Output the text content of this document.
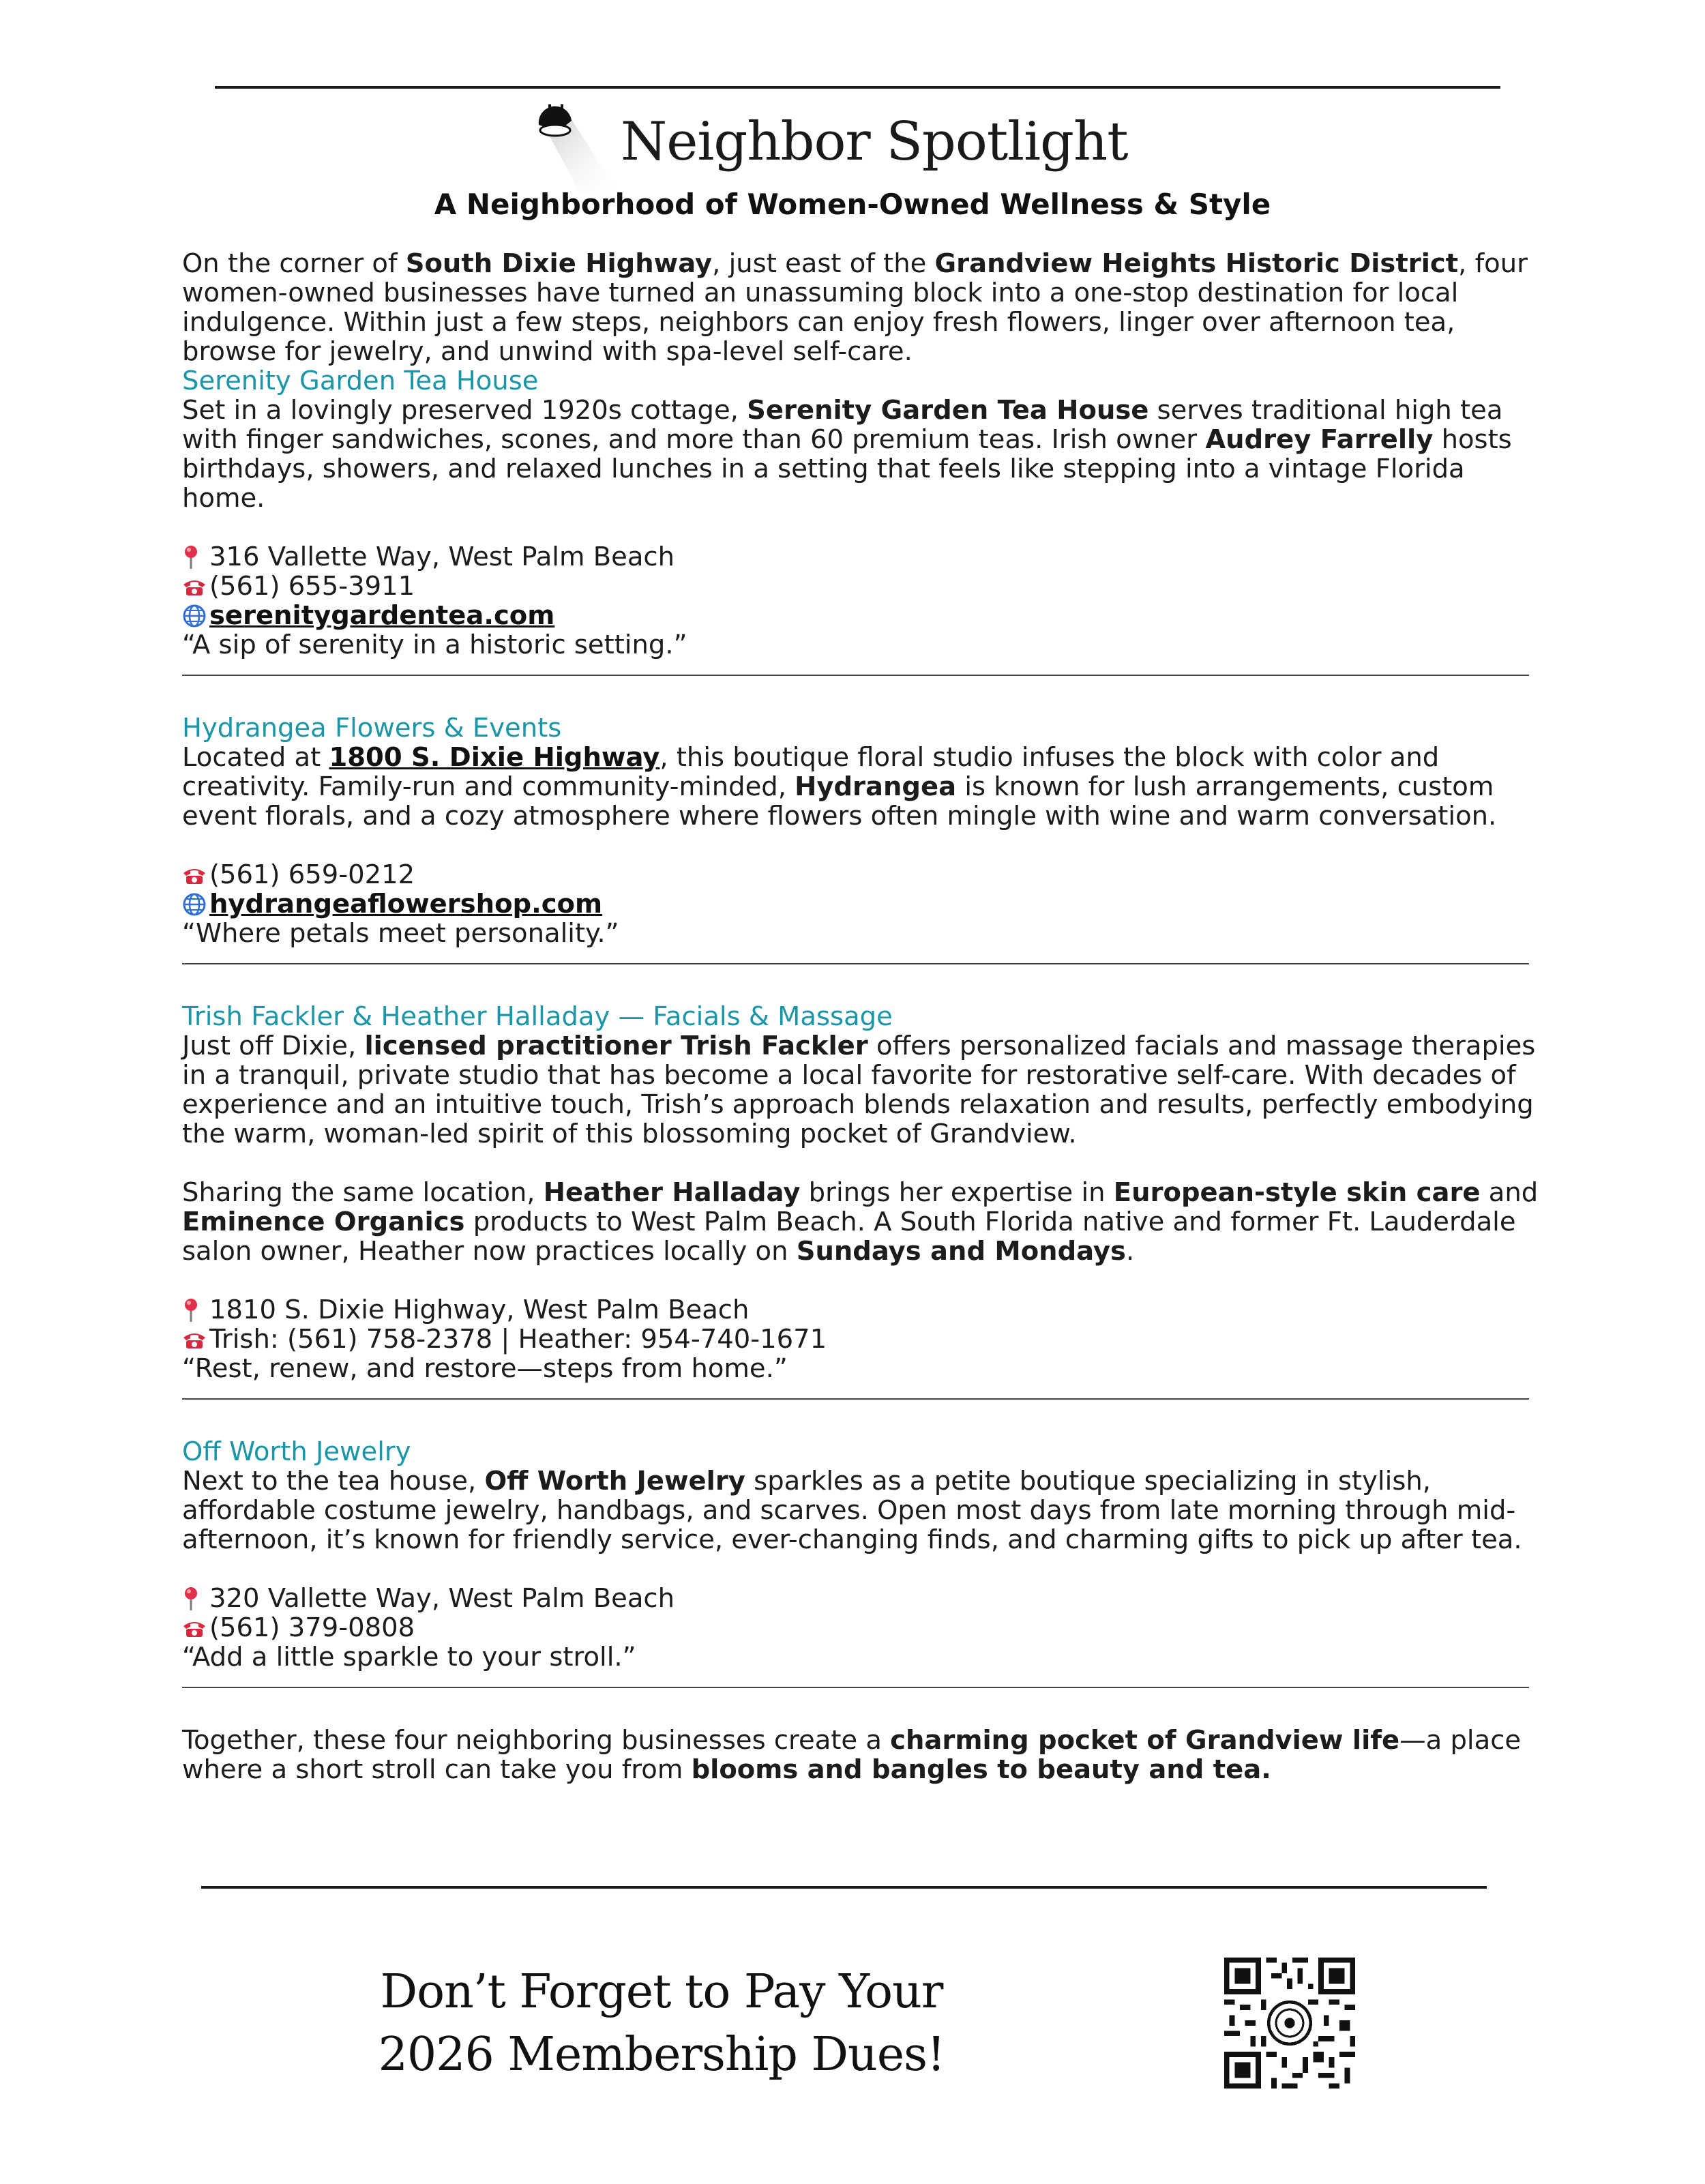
Neighbor Spotlight
A Neighborhood of Women-Owned Wellness & Style

On the corner of South Dixie Highway, just east of the Grandview Heights Historic District, four women-owned businesses have turned an unassuming block into a one-stop destination for local indulgence. Within just a few steps, neighbors can enjoy fresh flowers, linger over afternoon tea, browse for jewelry, and unwind with spa-level self-care.

Serenity Garden Tea House

Set in a lovingly preserved 1920s cottage, Serenity Garden Tea House serves traditional high tea with finger sandwiches, scones, and more than 60 premium teas. Irish owner Audrey Farrelly hosts birthdays, showers, and relaxed lunches in a setting that feels like stepping into a vintage Florida home.

316 Vallette Way, West Palm Beach
(561) 655-3911
serenitygardentea.com

“A sip of serenity in a historic setting.”

Hydrangea Flowers & Events

Located at 1800 S. Dixie Highway, this boutique floral studio infuses the block with color and creativity. Family-run and community-minded, Hydrangea is known for lush arrangements, custom event florals, and a cozy atmosphere where flowers often mingle with wine and warm conversation.

(561) 659-0212
hydrangeaflowershop.com

“Where petals meet personality.”

Trish Fackler & Heather Halladay — Facials & Massage

Just off Dixie, licensed practitioner Trish Fackler offers personalized facials and massage therapies in a tranquil, private studio that has become a local favorite for restorative self-care. With decades of experience and an intuitive touch, Trish’s approach blends relaxation and results, perfectly embodying the warm, woman-led spirit of this blossoming pocket of Grandview.

Sharing the same location, Heather Halladay brings her expertise in European-style skin care and Eminence Organics products to West Palm Beach. A South Florida native and former Ft. Lauderdale salon owner, Heather now practices locally on Sundays and Mondays.

1810 S. Dixie Highway, West Palm Beach
Trish: (561) 758-2378 | Heather: 954-740-1671

“Rest, renew, and restore—steps from home.”

Off Worth Jewelry

Next to the tea house, Off Worth Jewelry sparkles as a petite boutique specializing in stylish, affordable costume jewelry, handbags, and scarves. Open most days from late morning through mid-afternoon, it’s known for friendly service, ever-changing finds, and charming gifts to pick up after tea.

320 Vallette Way, West Palm Beach
(561) 379-0808

“Add a little sparkle to your stroll.”

Together, these four neighboring businesses create a charming pocket of Grandview life—a place where a short stroll can take you from blooms and bangles to beauty and tea.

Don’t Forget to Pay Your
2026 Membership Dues!
